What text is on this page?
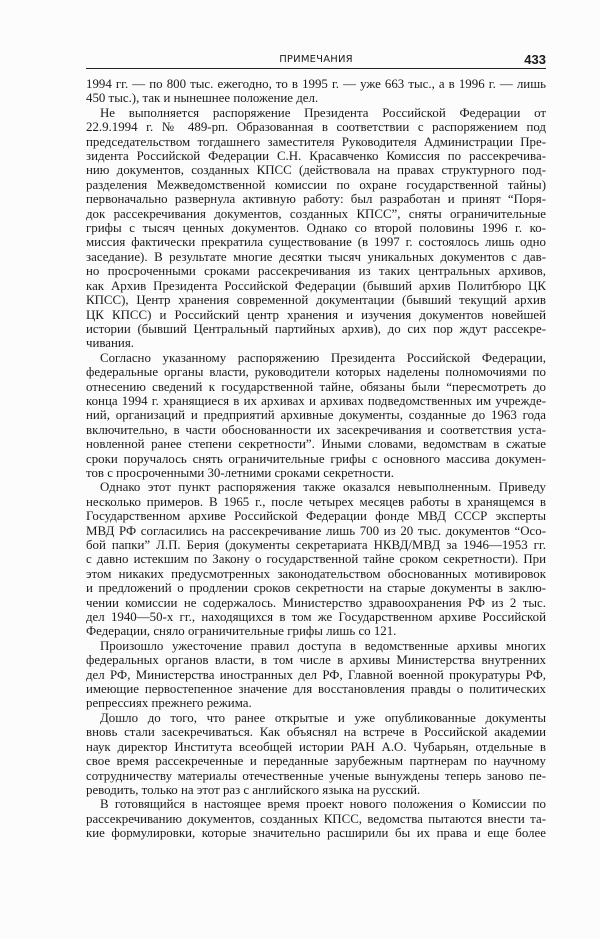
ПРИМЕЧАНИЯ	433
1994 гг. — по 800 тыс. ежегодно, то в 1995 г. — уже 663 тыс., а в 1996 г. — лишь
450 тыс.), так и нынешнее положение дел.
Не выполняется распоряжение Президента Российской Федерации от
22.9.1994 г. № 489-рп. Образованная в соответствии с распоряжением под
председательством тогдашнего заместителя Руководителя Администрации Пре-
зидента Российской Федерации С.Н. Красавченко Комиссия по рассекречива-
нию документов, созданных КПСС (действовала на правах структурного под-
разделения Межведомственной комиссии по охране государственной тайны)
первоначально развернула активную работу: был разработан и принят “Поря-
док рассекречивания документов, созданных КПСС”, сняты ограничительные
грифы с тысяч ценных документов. Однако со второй половины 1996 г. ко-
миссия фактически прекратила существование (в 1997 г. состоялось лишь одно
заседание). В результате многие десятки тысяч уникальных документов с дав-
но просроченными сроками рассекречивания из таких центральных архивов,
как Архив Президента Российской Федерации (бывший архив Политбюро ЦК
КПСС), Центр хранения современной документации (бывший текущий архив
ЦК КПСС) и Российский центр хранения и изучения документов новейшей
истории (бывший Центральный партийных архив), до сих пор ждут рассекре-
чивания.
Согласно указанному распоряжению Президента Российской Федерации,
федеральные органы власти, руководители которых наделены полномочиями по
отнесению сведений к государственной тайне, обязаны были “пересмотреть до
конца 1994 г. хранящиеся в их архивах и архивах подведомственных им учрежде-
ний, организаций и предприятий архивные документы, созданные до 1963 года
включительно, в части обоснованности их засекречивания и соответствия уста-
новленной ранее степени секретности”. Иными словами, ведомствам в сжатые
сроки поручалось снять ограничительные грифы с основного массива докумен-
тов с просроченными 30-летними сроками секретности.
Однако этот пункт распоряжения также оказался невыполненным. Приведу
несколько примеров. В 1965 г., после четырех месяцев работы в хранящемся в
Государственном архиве Российской Федерации фонде МВД СССР эксперты
МВД РФ согласились на рассекречивание лишь 700 из 20 тыс. документов “Осо-
бой папки” Л.П. Берия (документы секретариата НКВД/МВД за 1946—1953 гг.
с давно истекшим по Закону о государственной тайне сроком секретности). При
этом никаких предусмотренных законодательством обоснованных мотивировок
и предложений о продлении сроков секретности на старые документы в заклю-
чении комиссии не содержалось. Министерство здравоохранения РФ из 2 тыс.
дел 1940—50-х гг., находящихся в том же Государственном архиве Российской
Федерации, сняло ограничительные грифы лишь со 121.
Произошло ужесточение правил доступа в ведомственные архивы многих
федеральных органов власти, в том числе в архивы Министерства внутренних
дел РФ, Министерства иностранных дел РФ, Главной военной прокуратуры РФ,
имеющие первостепенное значение для восстановления правды о политических
репрессиях прежнего режима.
Дошло до того, что ранее открытые и уже опубликованные документы
вновь стали засекречиваться. Как объяснял на встрече в Российской академии
наук директор Института всеобщей истории РАН А.О. Чубарьян, отдельные в
свое время рассекреченные и переданные зарубежным партнерам по научному
сотрудничеству материалы отечественные ученые вынуждены теперь заново пе-
реводить, только на этот раз с английского языка на русский.
В готовящийся в настоящее время проект нового положения о Комиссии по
рассекречиванию документов, созданных КПСС, ведомства пытаются внести та-
кие формулировки, которые значительно расширили бы их права и еще более
